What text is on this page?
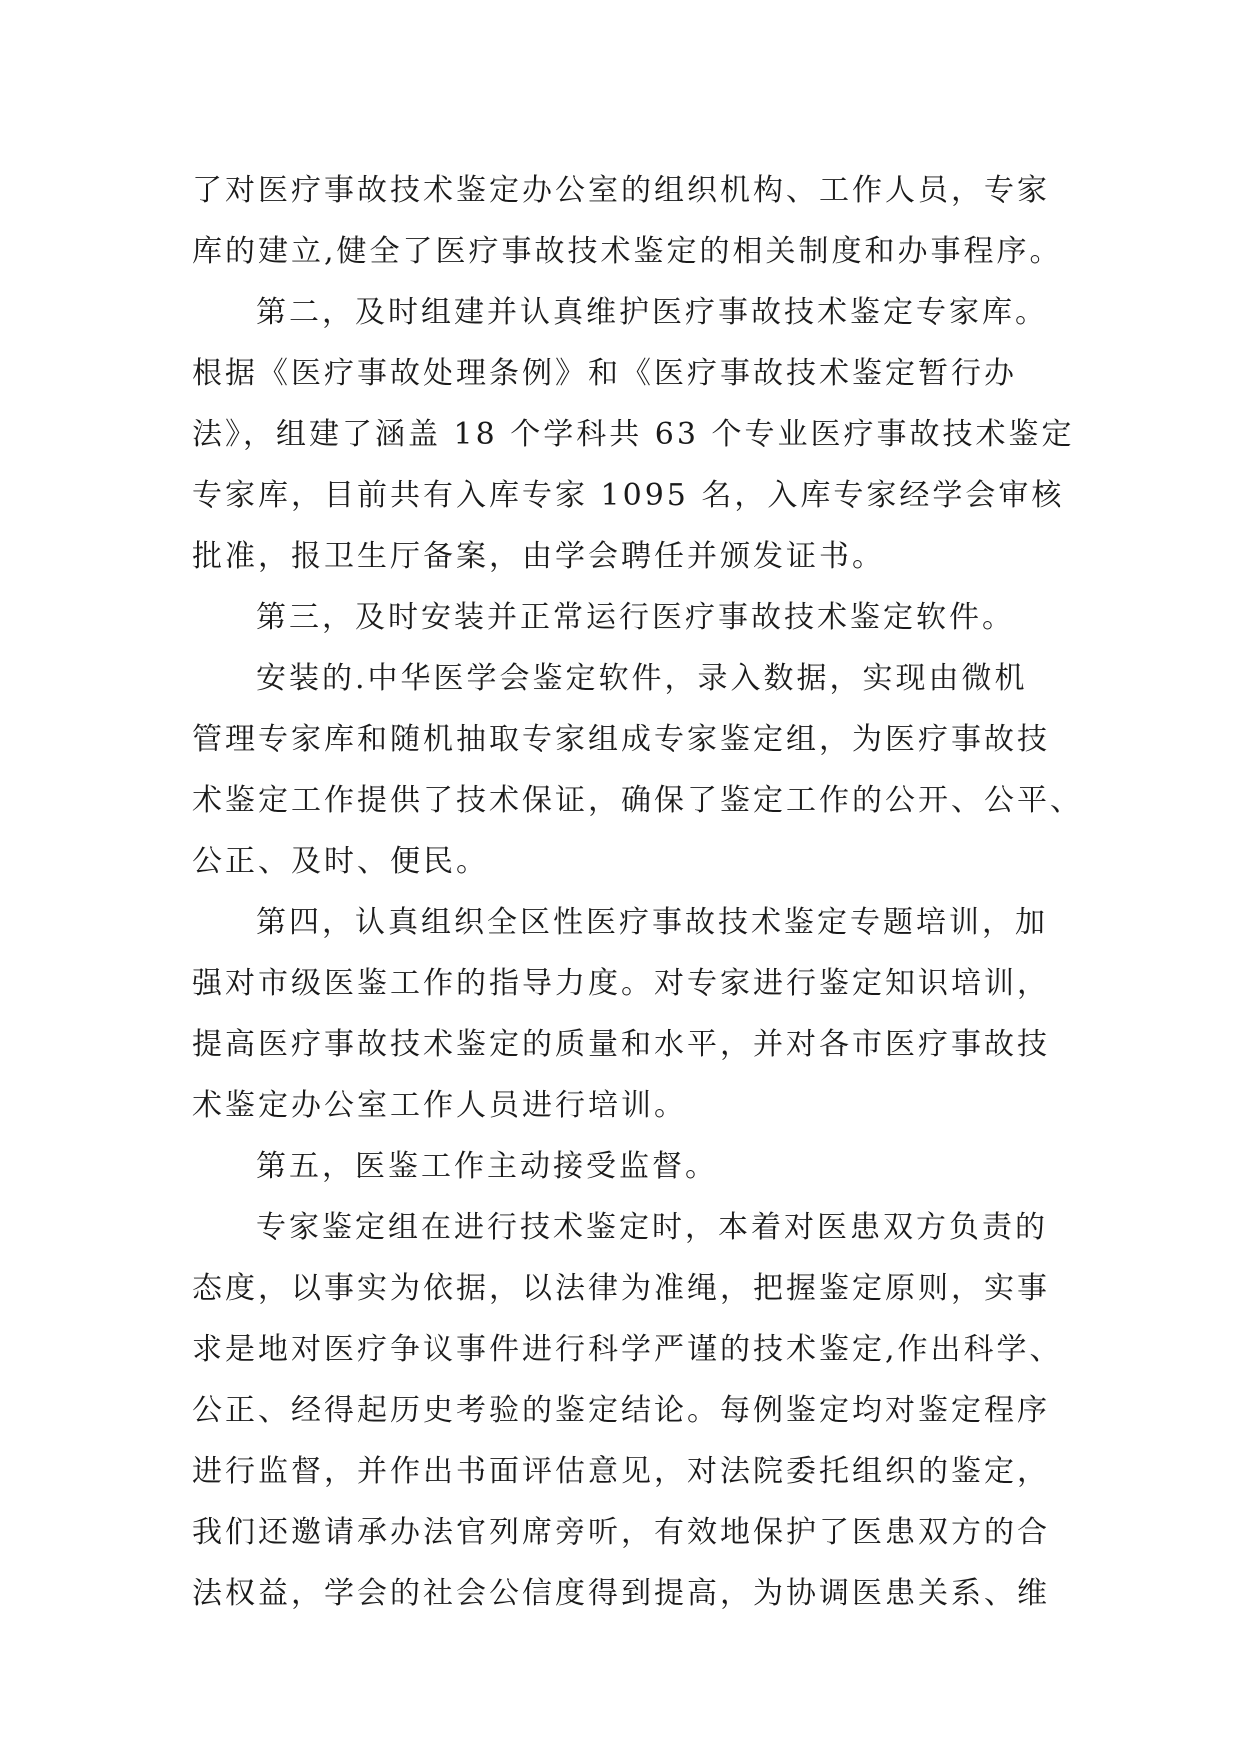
了对医疗事故技术鉴定办公室的组织机构、工作人员，专家
库的建立,健全了医疗事故技术鉴定的相关制度和办事程序。
第二，及时组建并认真维护医疗事故技术鉴定专家库。
根据《医疗事故处理条例》和《医疗事故技术鉴定暂行办
法》，组建了涵盖 18 个学科共 63 个专业医疗事故技术鉴定
专家库，目前共有入库专家 1095 名，入库专家经学会审核
批准，报卫生厅备案，由学会聘任并颁发证书。
第三，及时安装并正常运行医疗事故技术鉴定软件。
安装的.中华医学会鉴定软件，录入数据，实现由微机
管理专家库和随机抽取专家组成专家鉴定组，为医疗事故技
术鉴定工作提供了技术保证，确保了鉴定工作的公开、公平、
公正、及时、便民。
第四，认真组织全区性医疗事故技术鉴定专题培训，加
强对市级医鉴工作的指导力度。对专家进行鉴定知识培训，
提高医疗事故技术鉴定的质量和水平，并对各市医疗事故技
术鉴定办公室工作人员进行培训。
第五，医鉴工作主动接受监督。
专家鉴定组在进行技术鉴定时，本着对医患双方负责的
态度，以事实为依据，以法律为准绳，把握鉴定原则，实事
求是地对医疗争议事件进行科学严谨的技术鉴定,作出科学、
公正、经得起历史考验的鉴定结论。每例鉴定均对鉴定程序
进行监督，并作出书面评估意见，对法院委托组织的鉴定，
我们还邀请承办法官列席旁听，有效地保护了医患双方的合
法权益，学会的社会公信度得到提高，为协调医患关系、维
